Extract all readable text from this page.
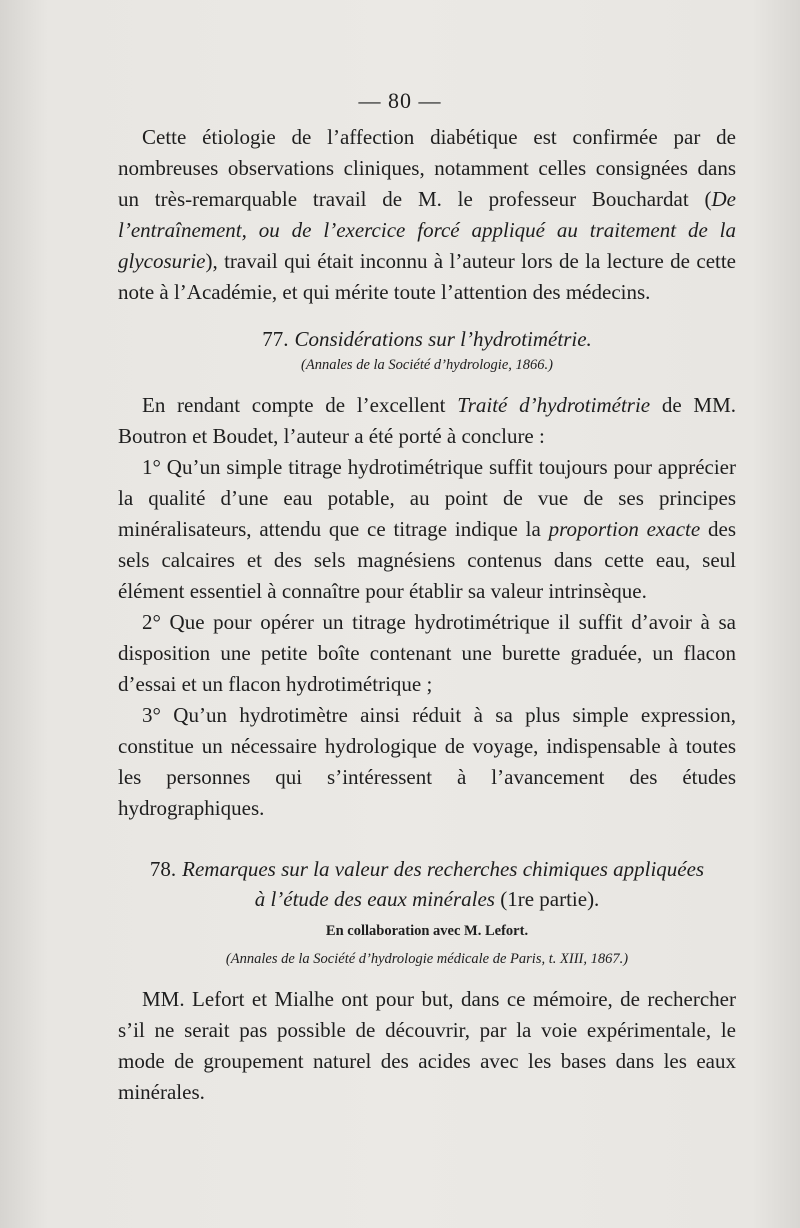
— 80 —

Cette étiologie de l’affection diabétique est confirmée par de nombreuses observations cliniques, notamment celles consignées dans un très-remarquable travail de M. le professeur Bouchardat (De l’entraînement, ou de l’exercice forcé appliqué au traitement de la glycosurie), travail qui était inconnu à l’auteur lors de la lecture de cette note à l’Académie, et qui mérite toute l’attention des médecins.

77. Considérations sur l’hydrotimétrie.
(Annales de la Société d’hydrologie, 1866.)

En rendant compte de l’excellent Traité d’hydrotimétrie de MM. Boutron et Boudet, l’auteur a été porté à conclure :

1° Qu’un simple titrage hydrotimétrique suffit toujours pour apprécier la qualité d’une eau potable, au point de vue de ses principes minéralisateurs, attendu que ce titrage indique la proportion exacte des sels calcaires et des sels magnésiens contenus dans cette eau, seul élément essentiel à connaître pour établir sa valeur intrinsèque.

2° Que pour opérer un titrage hydrotimétrique il suffit d’avoir à sa disposition une petite boîte contenant une burette graduée, un flacon d’essai et un flacon hydrotimétrique ;

3° Qu’un hydrotimètre ainsi réduit à sa plus simple expression, constitue un nécessaire hydrologique de voyage, indispensable à toutes les personnes qui s’intéressent à l’avancement des études hydrographiques.

78. Remarques sur la valeur des recherches chimiques appliquées
à l’étude des eaux minérales (1re partie).
En collaboration avec M. Lefort.
(Annales de la Société d’hydrologie médicale de Paris, t. XIII, 1867.)

MM. Lefort et Mialhe ont pour but, dans ce mémoire, de rechercher s’il ne serait pas possible de découvrir, par la voie expérimentale, le mode de groupement naturel des acides avec les bases dans les eaux minérales.
